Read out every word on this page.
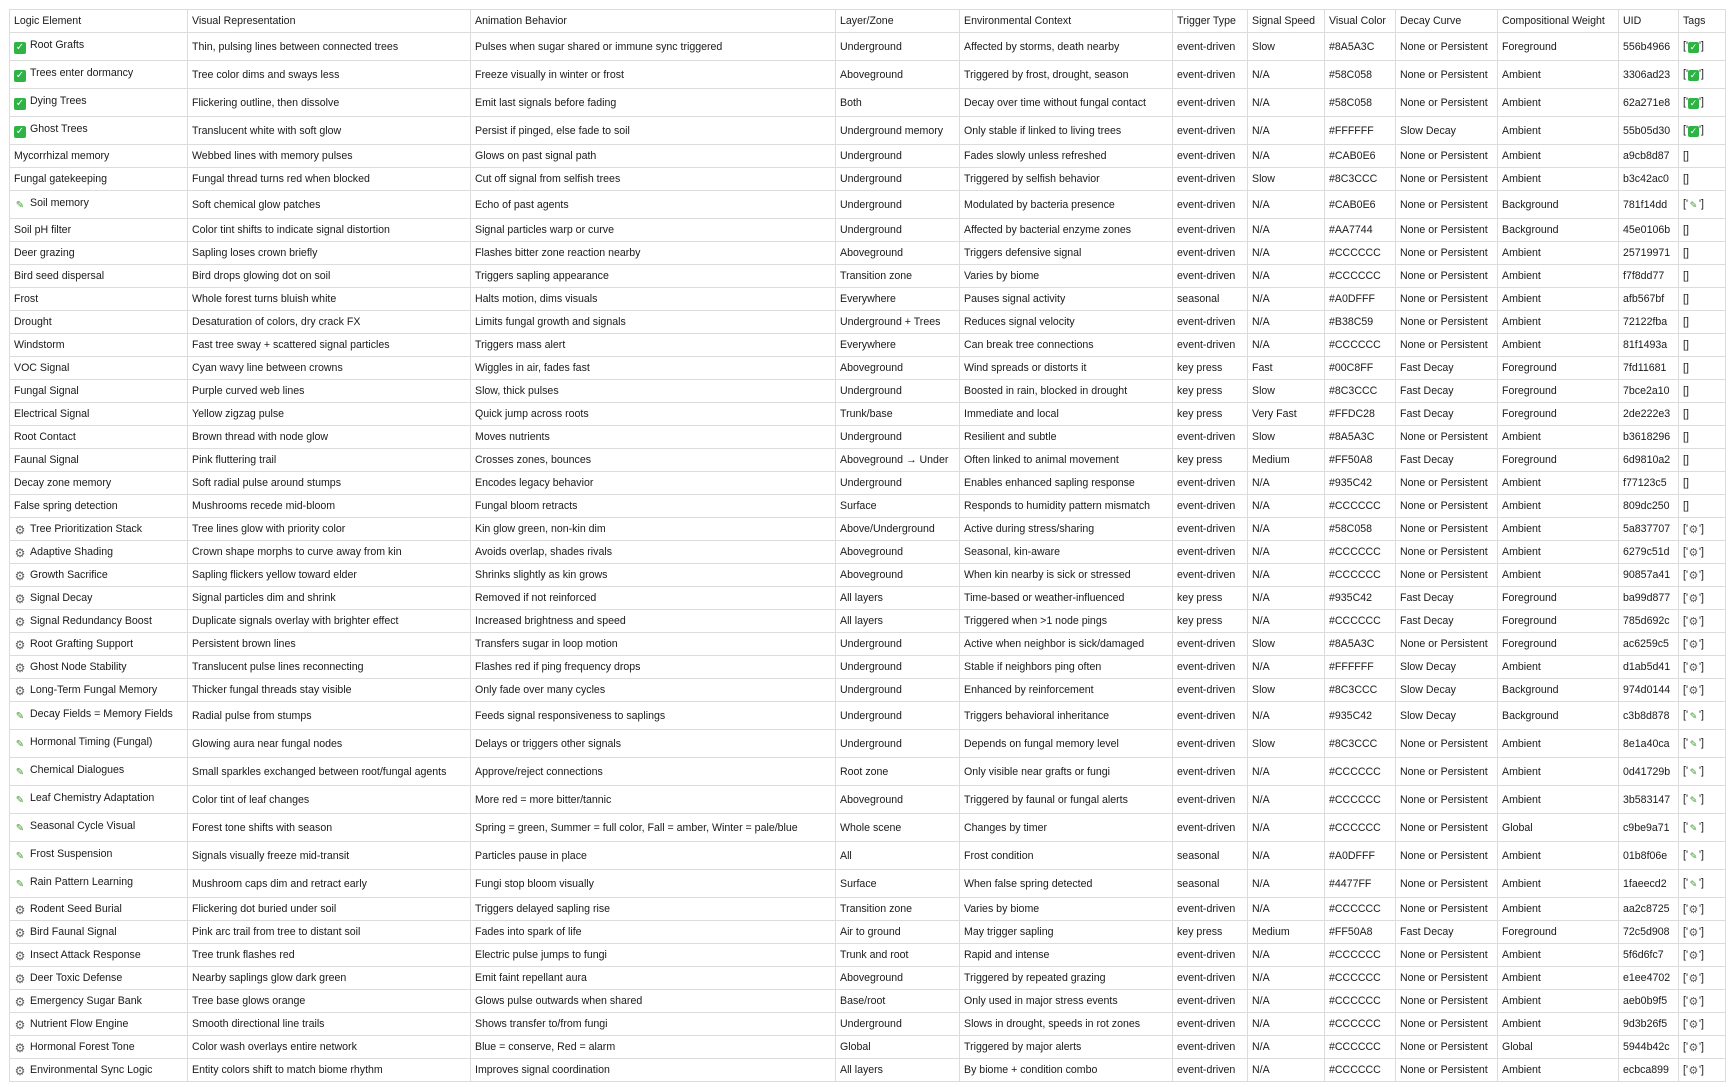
Logic Element	Visual Representation	Animation Behavior	Layer/Zone	Environmental Context	Trigger Type	Signal Speed	Visual Color	Decay Curve	Compositional Weight	UID	Tags
✓ Root Grafts	Thin, pulsing lines between connected trees	Pulses when sugar shared or immune sync triggered	Underground	Affected by storms, death nearby	event-driven	Slow	#8A5A3C	None or Persistent	Foreground	556b4966	[' ✓ ']
✓ Trees enter dormancy	Tree color dims and sways less	Freeze visually in winter or frost	Aboveground	Triggered by frost, drought, season	event-driven	N/A	#58C058	None or Persistent	Ambient	3306ad23	[' ✓ ']
✓ Dying Trees	Flickering outline, then dissolve	Emit last signals before fading	Both	Decay over time without fungal contact	event-driven	N/A	#58C058	None or Persistent	Ambient	62a271e8	[' ✓ ']
✓ Ghost Trees	Translucent white with soft glow	Persist if pinged, else fade to soil	Underground memory	Only stable if linked to living trees	event-driven	N/A	#FFFFFF	Slow Decay	Ambient	55b05d30	[' ✓ ']
Mycorrhizal memory	Webbed lines with memory pulses	Glows on past signal path	Underground	Fades slowly unless refreshed	event-driven	N/A	#CAB0E6	None or Persistent	Ambient	a9cb8d87	[]
Fungal gatekeeping	Fungal thread turns red when blocked	Cut off signal from selfish trees	Underground	Triggered by selfish behavior	event-driven	Slow	#8C3CCC	None or Persistent	Ambient	b3c42ac0	[]
✎ Soil memory	Soft chemical glow patches	Echo of past agents	Underground	Modulated by bacteria presence	event-driven	N/A	#CAB0E6	None or Persistent	Background	781f14dd	[' ✎ ']
Soil pH filter	Color tint shifts to indicate signal distortion	Signal particles warp or curve	Underground	Affected by bacterial enzyme zones	event-driven	N/A	#AA7744	None or Persistent	Background	45e0106b	[]
Deer grazing	Sapling loses crown briefly	Flashes bitter zone reaction nearby	Aboveground	Triggers defensive signal	event-driven	N/A	#CCCCCC	None or Persistent	Ambient	25719971	[]
Bird seed dispersal	Bird drops glowing dot on soil	Triggers sapling appearance	Transition zone	Varies by biome	event-driven	N/A	#CCCCCC	None or Persistent	Ambient	f7f8dd77	[]
Frost	Whole forest turns bluish white	Halts motion, dims visuals	Everywhere	Pauses signal activity	seasonal	N/A	#A0DFFF	None or Persistent	Ambient	afb567bf	[]
Drought	Desaturation of colors, dry crack FX	Limits fungal growth and signals	Underground + Trees	Reduces signal velocity	event-driven	N/A	#B38C59	None or Persistent	Ambient	72122fba	[]
Windstorm	Fast tree sway + scattered signal particles	Triggers mass alert	Everywhere	Can break tree connections	event-driven	N/A	#CCCCCC	None or Persistent	Ambient	81f1493a	[]
VOC Signal	Cyan wavy line between crowns	Wiggles in air, fades fast	Aboveground	Wind spreads or distorts it	key press	Fast	#00C8FF	Fast Decay	Foreground	7fd11681	[]
Fungal Signal	Purple curved web lines	Slow, thick pulses	Underground	Boosted in rain, blocked in drought	key press	Slow	#8C3CCC	Fast Decay	Foreground	7bce2a10	[]
Electrical Signal	Yellow zigzag pulse	Quick jump across roots	Trunk/base	Immediate and local	key press	Very Fast	#FFDC28	Fast Decay	Foreground	2de222e3	[]
Root Contact	Brown thread with node glow	Moves nutrients	Underground	Resilient and subtle	event-driven	Slow	#8A5A3C	None or Persistent	Ambient	b3618296	[]
Faunal Signal	Pink fluttering trail	Crosses zones, bounces	Aboveground → Under	Often linked to animal movement	key press	Medium	#FF50A8	Fast Decay	Foreground	6d9810a2	[]
Decay zone memory	Soft radial pulse around stumps	Encodes legacy behavior	Underground	Enables enhanced sapling response	event-driven	N/A	#935C42	None or Persistent	Ambient	f77123c5	[]
False spring detection	Mushrooms recede mid-bloom	Fungal bloom retracts	Surface	Responds to humidity pattern mismatch	event-driven	N/A	#CCCCCC	None or Persistent	Ambient	809dc250	[]
⚙ Tree Prioritization Stack	Tree lines glow with priority color	Kin glow green, non-kin dim	Above/Underground	Active during stress/sharing	event-driven	N/A	#58C058	None or Persistent	Ambient	5a837707	['⚙']
⚙ Adaptive Shading	Crown shape morphs to curve away from kin	Avoids overlap, shades rivals	Aboveground	Seasonal, kin-aware	event-driven	N/A	#CCCCCC	None or Persistent	Ambient	6279c51d	['⚙']
⚙ Growth Sacrifice	Sapling flickers yellow toward elder	Shrinks slightly as kin grows	Aboveground	When kin nearby is sick or stressed	event-driven	N/A	#CCCCCC	None or Persistent	Ambient	90857a41	['⚙']
⚙ Signal Decay	Signal particles dim and shrink	Removed if not reinforced	All layers	Time-based or weather-influenced	key press	N/A	#935C42	Fast Decay	Foreground	ba99d877	['⚙']
⚙ Signal Redundancy Boost	Duplicate signals overlay with brighter effect	Increased brightness and speed	All layers	Triggered when >1 node pings	key press	N/A	#CCCCCC	Fast Decay	Foreground	785d692c	['⚙']
⚙ Root Grafting Support	Persistent brown lines	Transfers sugar in loop motion	Underground	Active when neighbor is sick/damaged	event-driven	Slow	#8A5A3C	None or Persistent	Foreground	ac6259c5	['⚙']
⚙ Ghost Node Stability	Translucent pulse lines reconnecting	Flashes red if ping frequency drops	Underground	Stable if neighbors ping often	event-driven	N/A	#FFFFFF	Slow Decay	Ambient	d1ab5d41	['⚙']
⚙ Long-Term Fungal Memory	Thicker fungal threads stay visible	Only fade over many cycles	Underground	Enhanced by reinforcement	event-driven	Slow	#8C3CCC	Slow Decay	Background	974d0144	['⚙']
✎ Decay Fields = Memory Fields	Radial pulse from stumps	Feeds signal responsiveness to saplings	Underground	Triggers behavioral inheritance	event-driven	N/A	#935C42	Slow Decay	Background	c3b8d878	[' ✎ ']
✎ Hormonal Timing (Fungal)	Glowing aura near fungal nodes	Delays or triggers other signals	Underground	Depends on fungal memory level	event-driven	Slow	#8C3CCC	None or Persistent	Ambient	8e1a40ca	[' ✎ ']
✎ Chemical Dialogues	Small sparkles exchanged between root/fungal agents	Approve/reject connections	Root zone	Only visible near grafts or fungi	event-driven	N/A	#CCCCCC	None or Persistent	Ambient	0d41729b	[' ✎ ']
✎ Leaf Chemistry Adaptation	Color tint of leaf changes	More red = more bitter/tannic	Aboveground	Triggered by faunal or fungal alerts	event-driven	N/A	#CCCCCC	None or Persistent	Ambient	3b583147	[' ✎ ']
✎ Seasonal Cycle Visual	Forest tone shifts with season	Spring = green, Summer = full color, Fall = amber, Winter = pale/blue	Whole scene	Changes by timer	event-driven	N/A	#CCCCCC	None or Persistent	Global	c9be9a71	[' ✎ ']
✎ Frost Suspension	Signals visually freeze mid-transit	Particles pause in place	All	Frost condition	seasonal	N/A	#A0DFFF	None or Persistent	Ambient	01b8f06e	[' ✎ ']
✎ Rain Pattern Learning	Mushroom caps dim and retract early	Fungi stop bloom visually	Surface	When false spring detected	seasonal	N/A	#4477FF	None or Persistent	Ambient	1faeecd2	[' ✎ ']
⚙ Rodent Seed Burial	Flickering dot buried under soil	Triggers delayed sapling rise	Transition zone	Varies by biome	event-driven	N/A	#CCCCCC	None or Persistent	Ambient	aa2c8725	['⚙']
⚙ Bird Faunal Signal	Pink arc trail from tree to distant soil	Fades into spark of life	Air to ground	May trigger sapling	key press	Medium	#FF50A8	Fast Decay	Foreground	72c5d908	['⚙']
⚙ Insect Attack Response	Tree trunk flashes red	Electric pulse jumps to fungi	Trunk and root	Rapid and intense	event-driven	N/A	#CCCCCC	None or Persistent	Ambient	5f6d6fc7	['⚙']
⚙ Deer Toxic Defense	Nearby saplings glow dark green	Emit faint repellant aura	Aboveground	Triggered by repeated grazing	event-driven	N/A	#CCCCCC	None or Persistent	Ambient	e1ee4702	['⚙']
⚙ Emergency Sugar Bank	Tree base glows orange	Glows pulse outwards when shared	Base/root	Only used in major stress events	event-driven	N/A	#CCCCCC	None or Persistent	Ambient	aeb0b9f5	['⚙']
⚙ Nutrient Flow Engine	Smooth directional line trails	Shows transfer to/from fungi	Underground	Slows in drought, speeds in rot zones	event-driven	N/A	#CCCCCC	None or Persistent	Ambient	9d3b26f5	['⚙']
⚙ Hormonal Forest Tone	Color wash overlays entire network	Blue = conserve, Red = alarm	Global	Triggered by major alerts	event-driven	N/A	#CCCCCC	None or Persistent	Global	5944b42c	['⚙']
⚙ Environmental Sync Logic	Entity colors shift to match biome rhythm	Improves signal coordination	All layers	By biome + condition combo	event-driven	N/A	#CCCCCC	None or Persistent	Ambient	ecbca899	['⚙']
